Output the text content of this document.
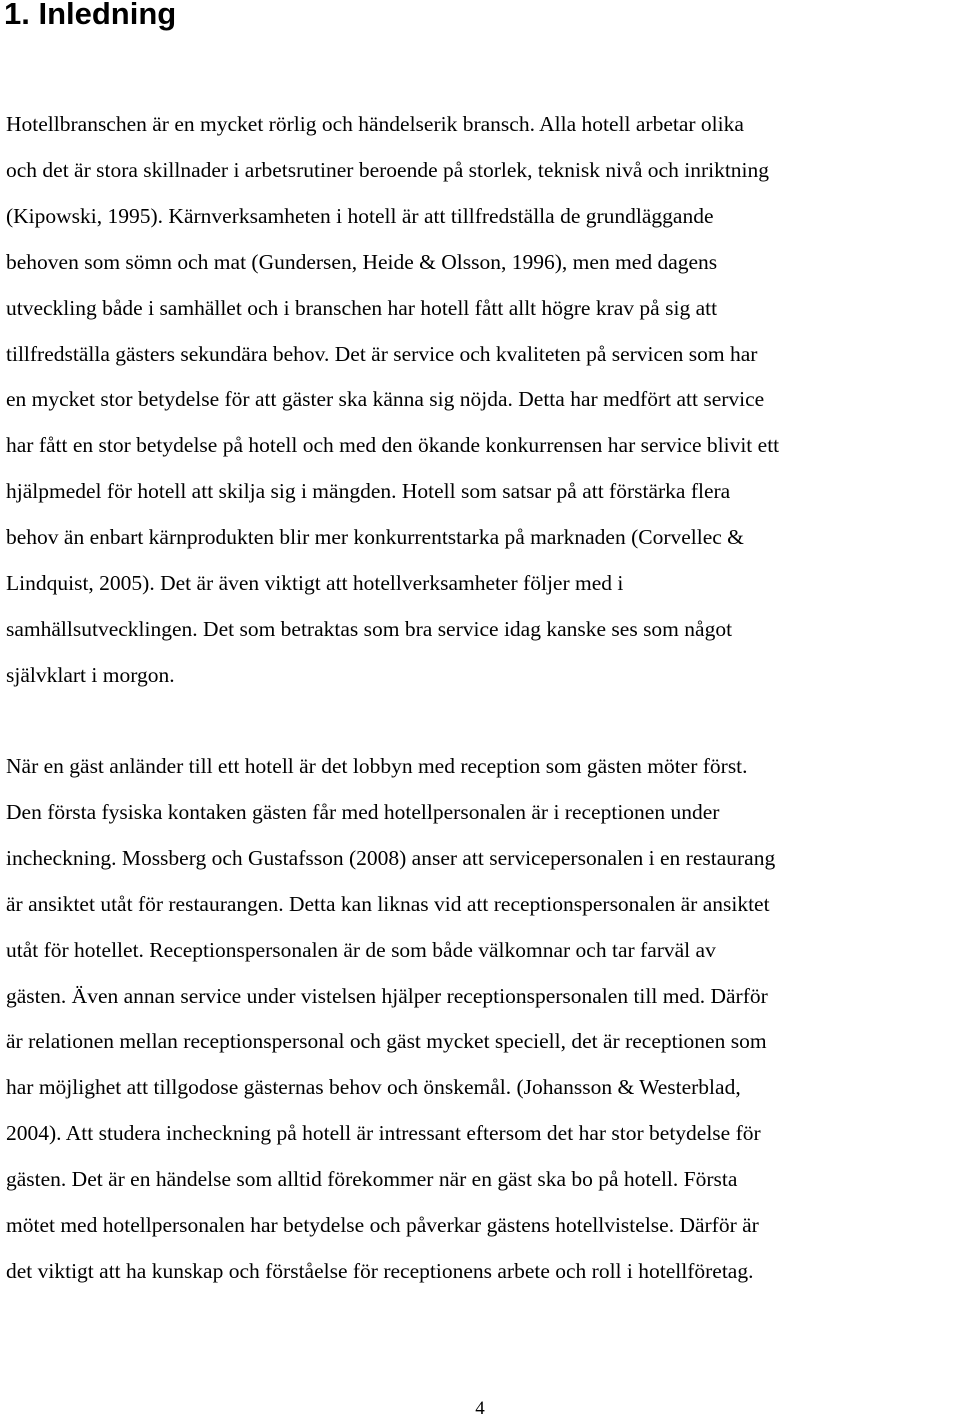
1. Inledning
Hotellbranschen är en mycket rörlig och händelserik bransch. Alla hotell arbetar olika
och det är stora skillnader i arbetsrutiner beroende på storlek, teknisk nivå och inriktning
(Kipowski, 1995). Kärnverksamheten i hotell är att tillfredställa de grundläggande
behoven som sömn och mat (Gundersen, Heide & Olsson, 1996), men med dagens
utveckling både i samhället och i branschen har hotell fått allt högre krav på sig att
tillfredställa gästers sekundära behov. Det är service och kvaliteten på servicen som har
en mycket stor betydelse för att gäster ska känna sig nöjda. Detta har medfört att service
har fått en stor betydelse på hotell och med den ökande konkurrensen har service blivit ett
hjälpmedel för hotell att skilja sig i mängden. Hotell som satsar på att förstärka flera
behov än enbart kärnprodukten blir mer konkurrentstarka på marknaden (Corvellec &
Lindquist, 2005). Det är även viktigt att hotellverksamheter följer med i
samhällsutvecklingen. Det som betraktas som bra service idag kanske ses som något
självklart i morgon.
När en gäst anländer till ett hotell är det lobbyn med reception som gästen möter först.
Den första fysiska kontaken gästen får med hotellpersonalen är i receptionen under
incheckning. Mossberg och Gustafsson (2008) anser att servicepersonalen i en restaurang
är ansiktet utåt för restaurangen. Detta kan liknas vid att receptionspersonalen är ansiktet
utåt för hotellet. Receptionspersonalen är de som både välkomnar och tar farväl av
gästen. Även annan service under vistelsen hjälper receptionspersonalen till med. Därför
är relationen mellan receptionspersonal och gäst mycket speciell, det är receptionen som
har möjlighet att tillgodose gästernas behov och önskemål. (Johansson & Westerblad,
2004). Att studera incheckning på hotell är intressant eftersom det har stor betydelse för
gästen. Det är en händelse som alltid förekommer när en gäst ska bo på hotell. Första
mötet med hotellpersonalen har betydelse och påverkar gästens hotellvistelse. Därför är
det viktigt att ha kunskap och förståelse för receptionens arbete och roll i hotellföretag.
4
